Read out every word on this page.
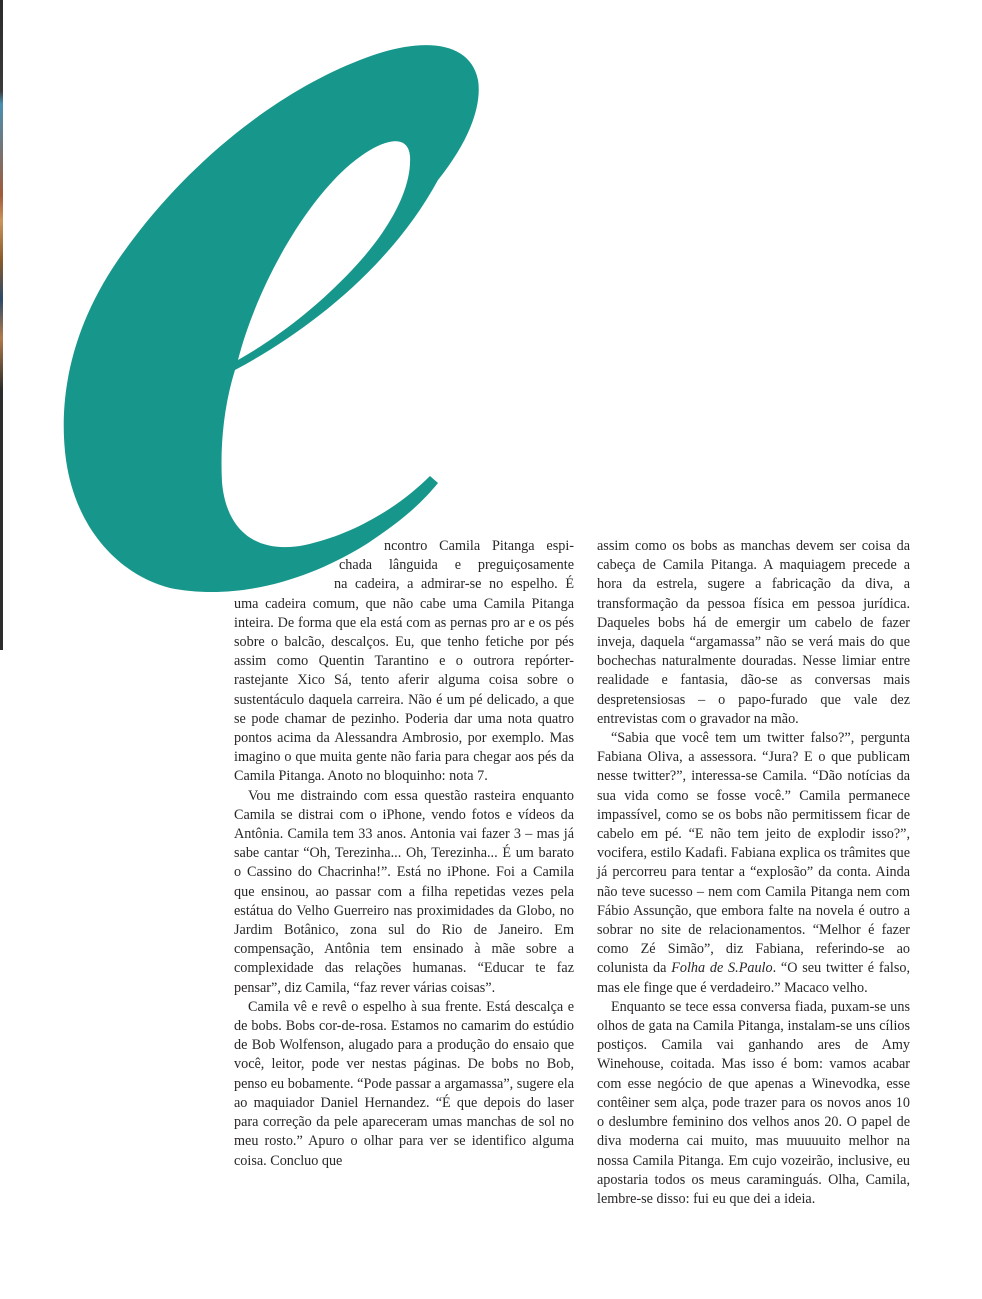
ncontro Camila Pitanga espi-
chada lânguida e preguiçosamente
na cadeira, a admirar-se no espelho. É

uma cadeira comum, que não cabe uma Camila Pitanga inteira. De forma que ela está com as pernas pro ar e os pés sobre o balcão, descalços. Eu, que tenho fetiche por pés assim como Quentin Tarantino e o outrora repórter-rastejante Xico Sá, tento aferir alguma coisa sobre o sustentáculo daquela carreira. Não é um pé delicado, a que se pode chamar de pezinho. Poderia dar uma nota quatro pontos acima da Alessandra Ambrosio, por exemplo. Mas imagino o que muita gente não faria para chegar aos pés da Camila Pitanga. Anoto no bloquinho: nota 7.

Vou me distraindo com essa questão rasteira enquanto Camila se distrai com o iPhone, vendo fotos e vídeos da Antônia. Camila tem 33 anos. Antonia vai fazer 3 – mas já sabe cantar “Oh, Terezinha... Oh, Terezinha... É um barato o Cassino do Chacrinha!”. Está no iPhone. Foi a Camila que ensinou, ao passar com a filha repetidas vezes pela estátua do Velho Guerreiro nas proximidades da Globo, no Jardim Botânico, zona sul do Rio de Janeiro. Em compensação, Antônia tem ensinado à mãe sobre a complexidade das relações humanas. “Educar te faz pensar”, diz Camila, “faz rever várias coisas”.

Camila vê e revê o espelho à sua frente. Está descalça e de bobs. Bobs cor-de-rosa. Estamos no camarim do estúdio de Bob Wolfenson, alugado para a produção do ensaio que você, leitor, pode ver nestas páginas. De bobs no Bob, penso eu bobamente. “Pode passar a argamassa”, sugere ela ao maquiador Daniel Hernandez. “É que depois do laser para correção da pele apareceram umas manchas de sol no meu rosto.” Apuro o olhar para ver se identifico alguma coisa. Concluo que

assim como os bobs as manchas devem ser coisa da cabeça de Camila Pitanga. A maquiagem precede a hora da estrela, sugere a fabricação da diva, a transformação da pessoa física em pessoa jurídica. Daqueles bobs há de emergir um cabelo de fazer inveja, daquela “argamassa” não se verá mais do que bochechas naturalmente douradas. Nesse limiar entre realidade e fantasia, dão-se as conversas mais despretensiosas – o papo-furado que vale dez entrevistas com o gravador na mão.

“Sabia que você tem um twitter falso?”, pergunta Fabiana Oliva, a assessora. “Jura? E o que publicam nesse twitter?”, interessa-se Camila. “Dão notícias da sua vida como se fosse você.” Camila permanece impassível, como se os bobs não permitissem ficar de cabelo em pé. “E não tem jeito de explodir isso?”, vocifera, estilo Kadafi. Fabiana explica os trâmites que já percorreu para tentar a “explosão” da conta. Ainda não teve sucesso – nem com Camila Pitanga nem com Fábio Assunção, que embora falte na novela é outro a sobrar no site de relacionamentos. “Melhor é fazer como Zé Simão”, diz Fabiana, referindo-se ao colunista da Folha de S.Paulo. “O seu twitter é falso, mas ele finge que é verdadeiro.” Macaco velho.

Enquanto se tece essa conversa fiada, puxam-se uns olhos de gata na Camila Pitanga, instalam-se uns cílios postiços. Camila vai ganhando ares de Amy Winehouse, coitada. Mas isso é bom: vamos acabar com esse negócio de que apenas a Winevodka, esse contêiner sem alça, pode trazer para os novos anos 10 o deslumbre feminino dos velhos anos 20. O papel de diva moderna cai muito, mas muuuuito melhor na nossa Camila Pitanga. Em cujo vozeirão, inclusive, eu apostaria todos os meus caraminguás. Olha, Camila, lembre-se disso: fui eu que dei a ideia.
